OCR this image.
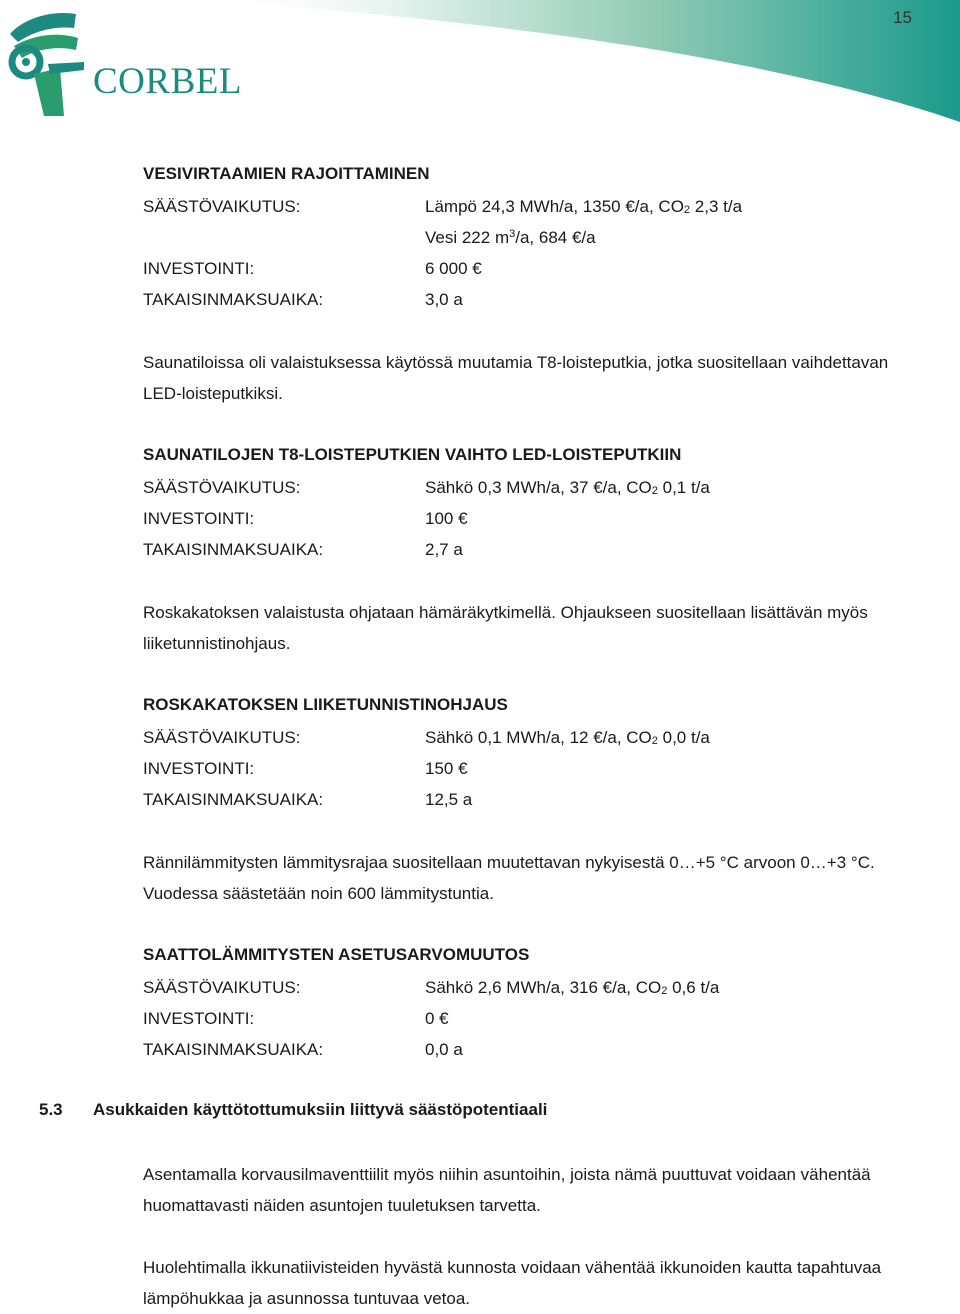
CORBEL
15
VESIVIRTAAMIEN RAJOITTAMINEN
SÄÄSTÖVAIKUTUS:	Lämpö 24,3 MWh/a, 1350 €/a, $CO_2$ 2,3 t/a
Vesi 222 $m^3/a$, 684 €/a
INVESTOINTI:	6 000 €
TAKAISINMAKSUAIKA:	3,0 a
Saunatiloissa oli valaistuksessa käytössä muutamia T8-loisteputkia, jotka suositellaan vaihdettavan LED-loisteputkiksi.
SAUNATILOJEN T8-LOISTEPUTKIEN VAIHTO LED-LOISTEPUTKIIN
SÄÄSTÖVAIKUTUS:	Sähkö 0,3 MWh/a, 37 €/a, $CO_2$ 0,1 t/a
INVESTOINTI:	100 €
TAKAISINMAKSUAIKA:	2,7 a
Roskakatoksen valaistusta ohjataan hämäräkytkimellä. Ohjaukseen suositellaan lisättävän myös liiketunnistinohjaus.
ROSKAKATOKSEN LIIKETUNNISTINOHJAUS
SÄÄSTÖVAIKUTUS:	Sähkö 0,1 MWh/a, 12 €/a, $CO_2$ 0,0 t/a
INVESTOINTI:	150 €
TAKAISINMAKSUAIKA:	12,5 a
Rännilämmitysten lämmitysrajaa suositellaan muutettavan nykyisestä 0…+5 °C arvoon 0…+3 °C. Vuodessa säästetään noin 600 lämmitystuntia.
SAATTOLÄMMITYSTEN ASETUSARVOMUUTOS
SÄÄSTÖVAIKUTUS:	Sähkö 2,6 MWh/a, 316 €/a, $CO_2$ 0,6 t/a
INVESTOINTI:	0 €
TAKAISINMAKSUAIKA:	0,0 a
5.3 Asukkaiden käyttötottumuksiin liittyvä säästöpotentiaali
Asentamalla korvausilmaventtiilit myös niihin asuntoihin, joista nämä puuttuvat voidaan vähentää huomattavasti näiden asuntojen tuuletuksen tarvetta.
Huolehtimalla ikkunatiivisteiden hyvästä kunnosta voidaan vähentää ikkunoiden kautta tapahtuvaa lämpöhukkaa ja asunnossa tuntuvaa vetoa.
